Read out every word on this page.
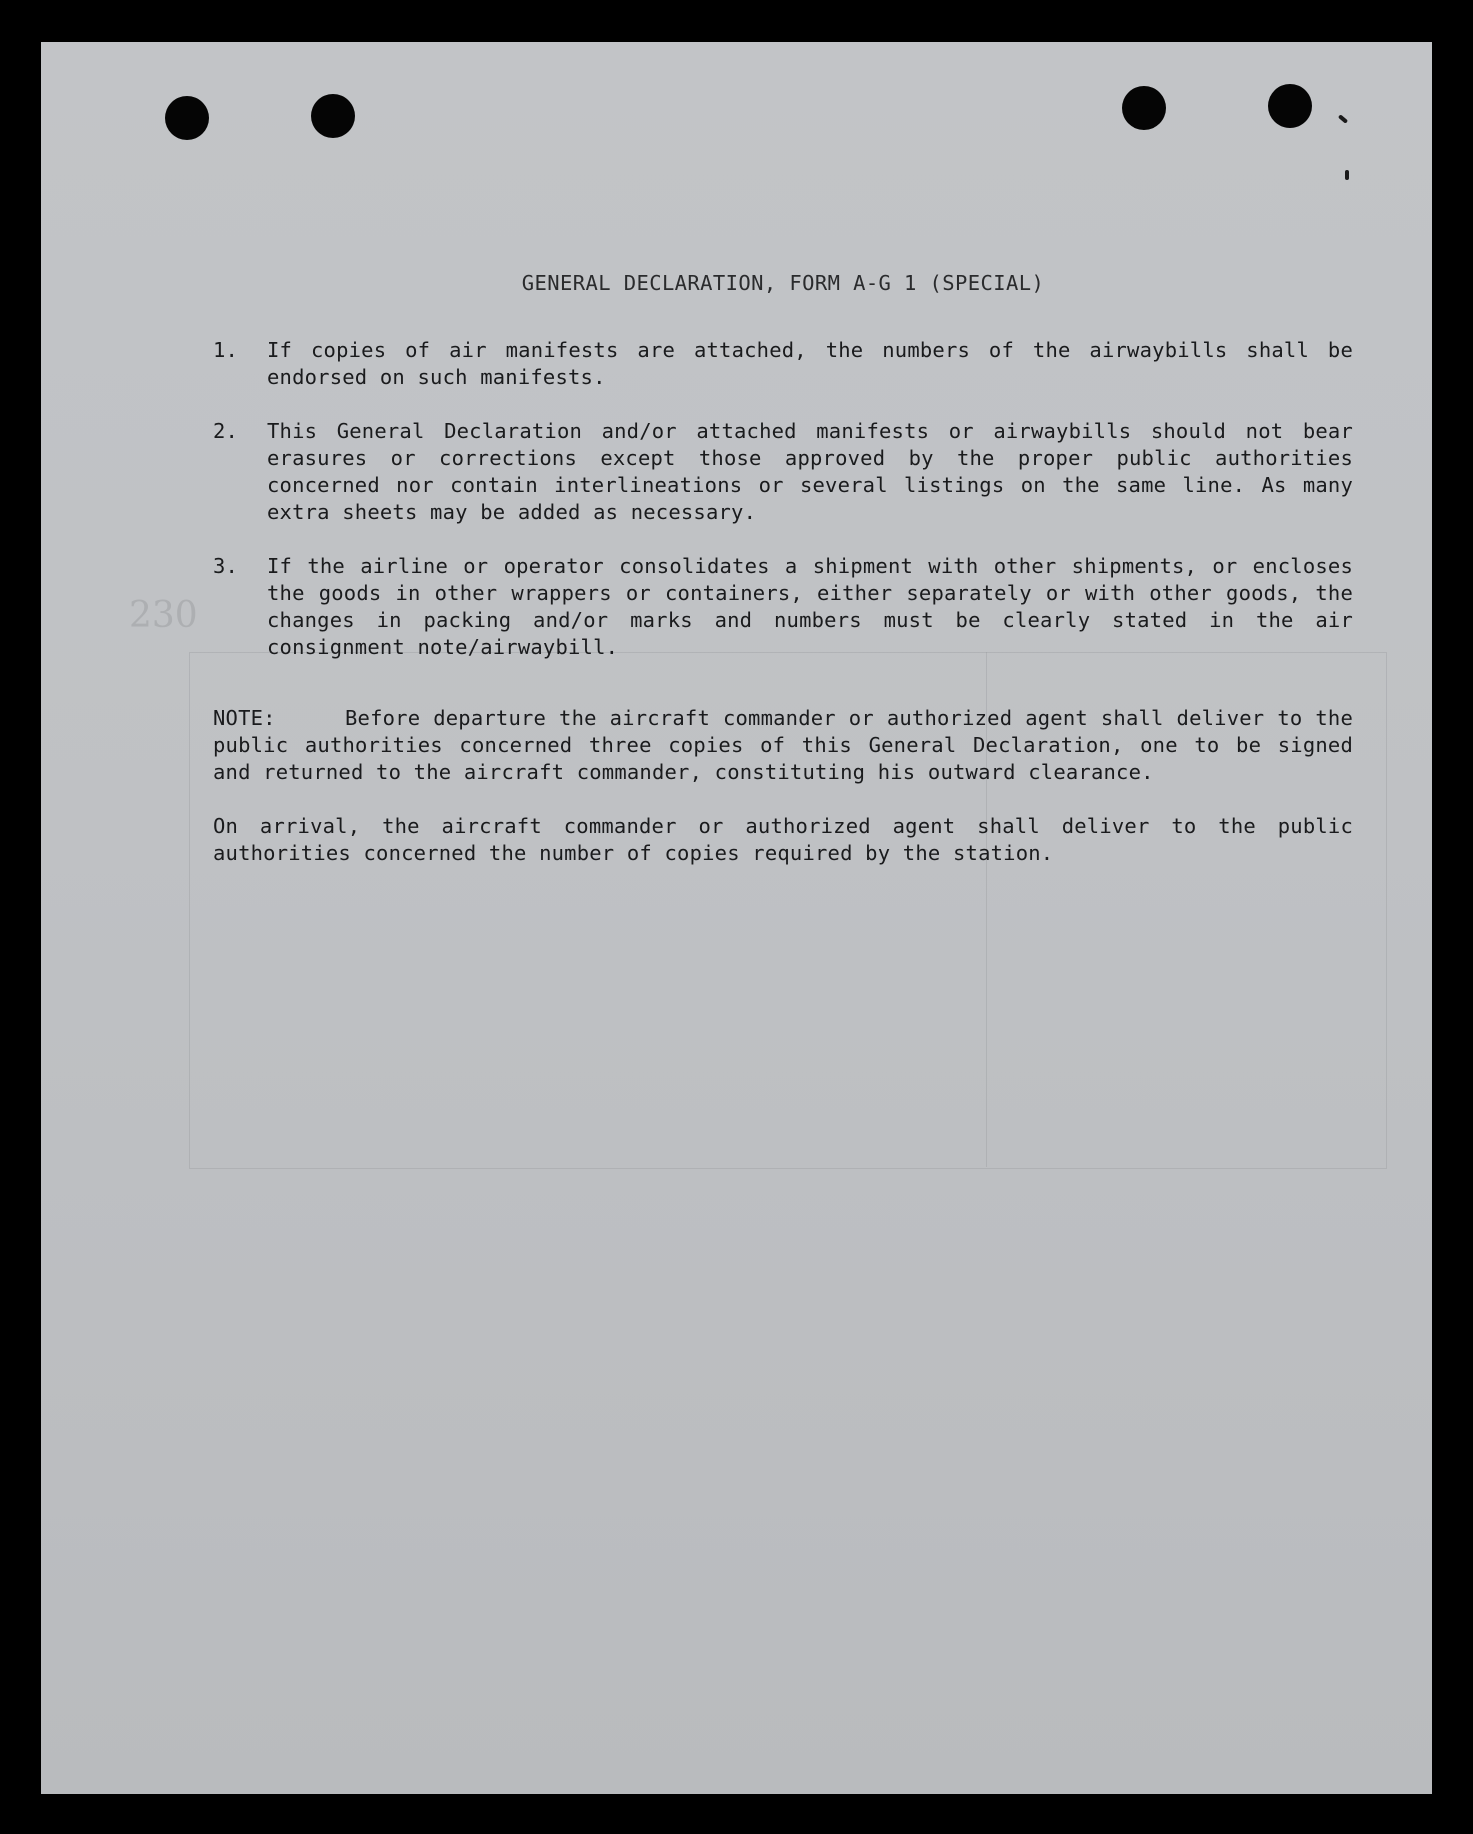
230
GENERAL DECLARATION, FORM A-G 1 (SPECIAL)
1.	If copies of air manifests are attached, the numbers of the airwaybills shall be endorsed on such manifests.
2.	This General Declaration and/or attached manifests or airwaybills should not bear erasures or corrections except those approved by the proper public authorities concerned nor contain interlineations or several listings on the same line. As many extra sheets may be added as necessary.
3.	If the airline or operator consolidates a shipment with other shipments, or encloses the goods in other wrappers or containers, either separately or with other goods, the changes in packing and/or marks and numbers must be clearly stated in the air consignment note/airwaybill.
NOTE:	Before departure the aircraft commander or authorized agent shall deliver to the public authorities concerned three copies of this General Declaration, one to be signed and returned to the aircraft commander, constituting his outward clearance.
On arrival, the aircraft commander or authorized agent shall deliver to the public authorities concerned the number of copies required by the station.
